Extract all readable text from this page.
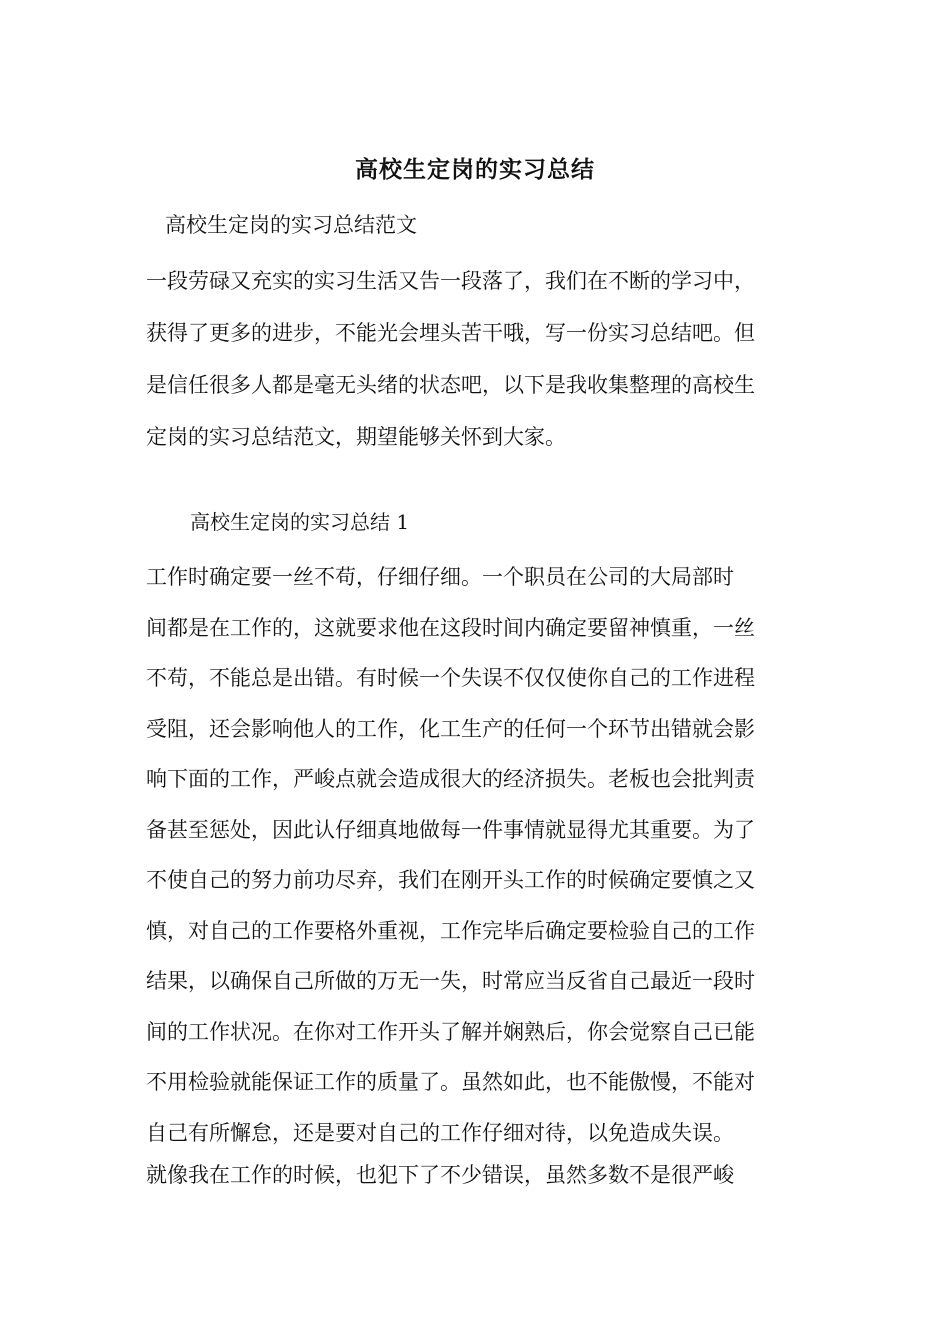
高校生定岗的实习总结
高校生定岗的实习总结范文
一段劳碌又充实的实习生活又告一段落了，我们在不断的学习中，
获得了更多的进步，不能光会埋头苦干哦，写一份实习总结吧。但
是信任很多人都是毫无头绪的状态吧，以下是我收集整理的高校生
定岗的实习总结范文，期望能够关怀到大家。
高校生定岗的实习总结 1
工作时确定要一丝不苟，仔细仔细。一个职员在公司的大局部时
间都是在工作的，这就要求他在这段时间内确定要留神慎重，一丝
不苟，不能总是出错。有时候一个失误不仅仅使你自己的工作进程
受阻，还会影响他人的工作，化工生产的任何一个环节出错就会影
响下面的工作，严峻点就会造成很大的经济损失。老板也会批判责
备甚至惩处，因此认仔细真地做每一件事情就显得尤其重要。为了
不使自己的努力前功尽弃，我们在刚开头工作的时候确定要慎之又
慎，对自己的工作要格外重视，工作完毕后确定要检验自己的工作
结果，以确保自己所做的万无一失，时常应当反省自己最近一段时
间的工作状况。在你对工作开头了解并娴熟后，你会觉察自己已能
不用检验就能保证工作的质量了。虽然如此，也不能傲慢，不能对
自己有所懈怠，还是要对自己的工作仔细对待，以免造成失误。
就像我在工作的时候，也犯下了不少错误，虽然多数不是很严峻
